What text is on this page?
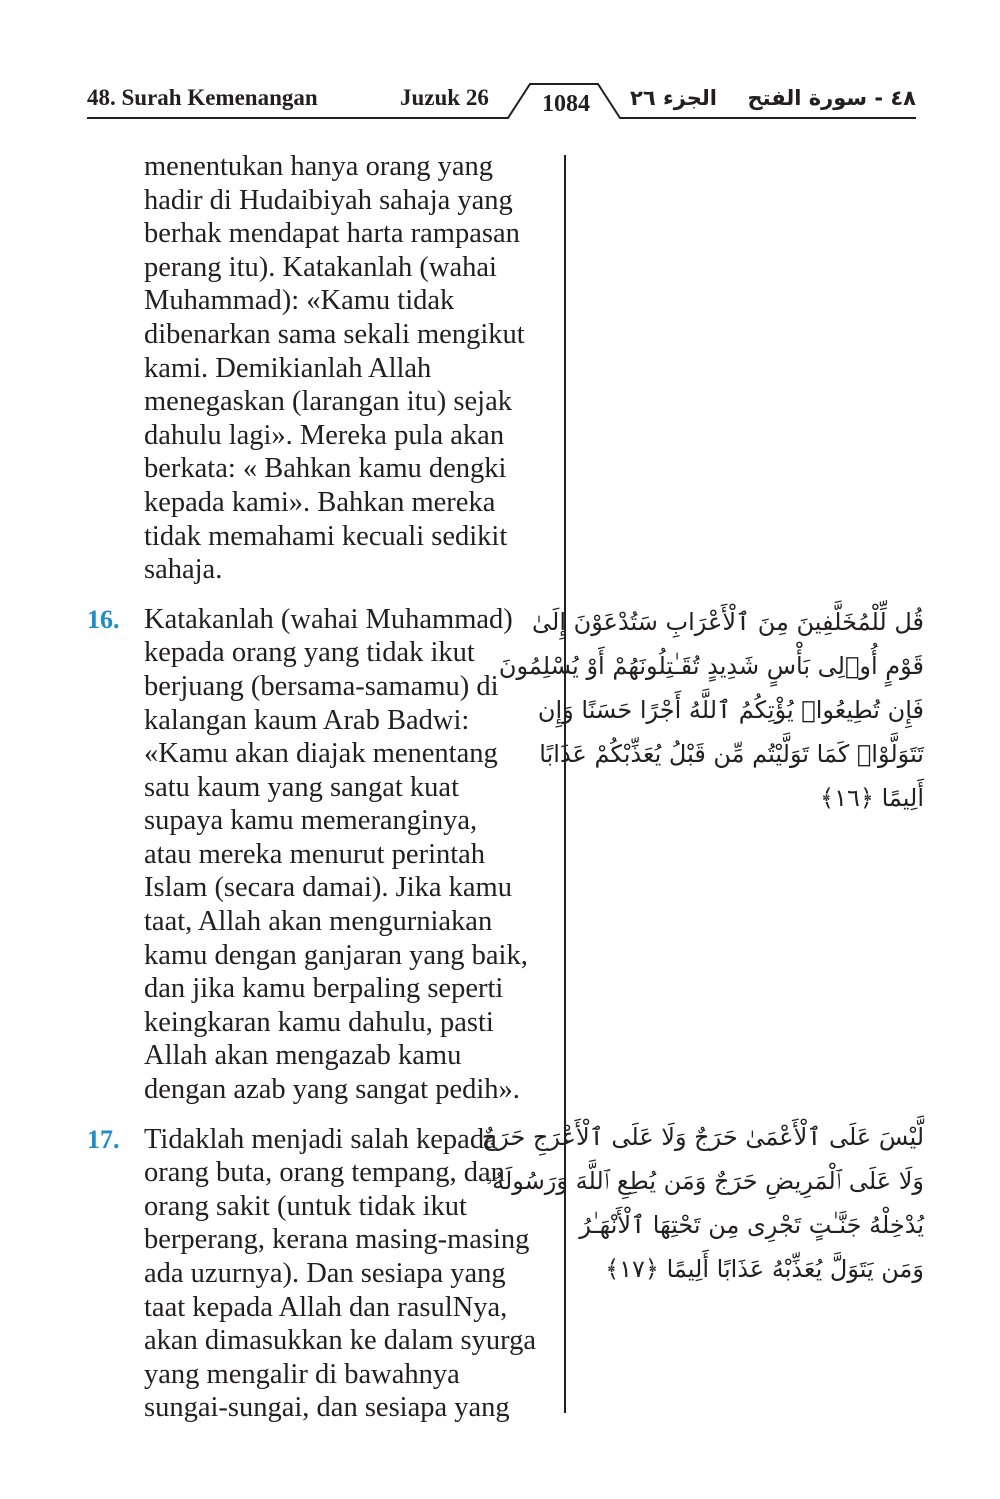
48. Surah Kemenangan	Juzuk 26 1084 الجزء ٢٦ ٤٨ - سورة الفتح
menentukan hanya orang yang
hadir di Hudaibiyah sahaja yang
berhak mendapat harta rampasan
perang itu). Katakanlah (wahai
Muhammad): «Kamu tidak
dibenarkan sama sekali mengikut
kami. Demikianlah Allah
menegaskan (larangan itu) sejak
dahulu lagi». Mereka pula akan
berkata: « Bahkan kamu dengki
kepada kami». Bahkan mereka
tidak memahami kecuali sedikit
sahaja.
16. Katakanlah (wahai Muhammad)
kepada orang yang tidak ikut
berjuang (bersama-samamu) di
kalangan kaum Arab Badwi:
«Kamu akan diajak menentang
satu kaum yang sangat kuat
supaya kamu memeranginya,
atau mereka menurut perintah
Islam (secara damai). Jika kamu
taat, Allah akan mengurniakan
kamu dengan ganjaran yang baik,
dan jika kamu berpaling seperti
keingkaran kamu dahulu, pasti
Allah akan mengazab kamu
dengan azab yang sangat pedih».
17. Tidaklah menjadi salah kepada
orang buta, orang tempang, dan
orang sakit (untuk tidak ikut
berperang, kerana masing-masing
ada uzurnya). Dan sesiapa yang
taat kepada Allah dan rasulNya,
akan dimasukkan ke dalam syurga
yang mengalir di bawahnya
sungai-sungai, dan sesiapa yang
قُل لِّلْمُخَلَّفِينَ مِنَ ٱلْأَعْرَابِ سَتُدْعَوْنَ إِلَىٰ
قَوْمٍ أُو۟لِى بَأْسٍ شَدِيدٍ تُقَـٰتِلُونَهُمْ أَوْ يُسْلِمُونَ
فَإِن تُطِيعُوا۟ يُؤْتِكُمُ ٱللَّهُ أَجْرًا حَسَنًا وَإِن
تَتَوَلَّوْا۟ كَمَا تَوَلَّيْتُم مِّن قَبْلُ يُعَذِّبْكُمْ عَذَابًا
أَلِيمًا ﴿١٦﴾
لَّيْسَ عَلَى ٱلْأَعْمَىٰ حَرَجٌ وَلَا عَلَى ٱلْأَعْرَجِ حَرَجٌ
وَلَا عَلَى ٱلْمَرِيضِ حَرَجٌ وَمَن يُطِعِ ٱللَّهَ وَرَسُولَهُۥ
يُدْخِلْهُ جَنَّـٰتٍ تَجْرِى مِن تَحْتِهَا ٱلْأَنْهَـٰرُ
وَمَن يَتَوَلَّ يُعَذِّبْهُ عَذَابًا أَلِيمًا ﴿١٧﴾
